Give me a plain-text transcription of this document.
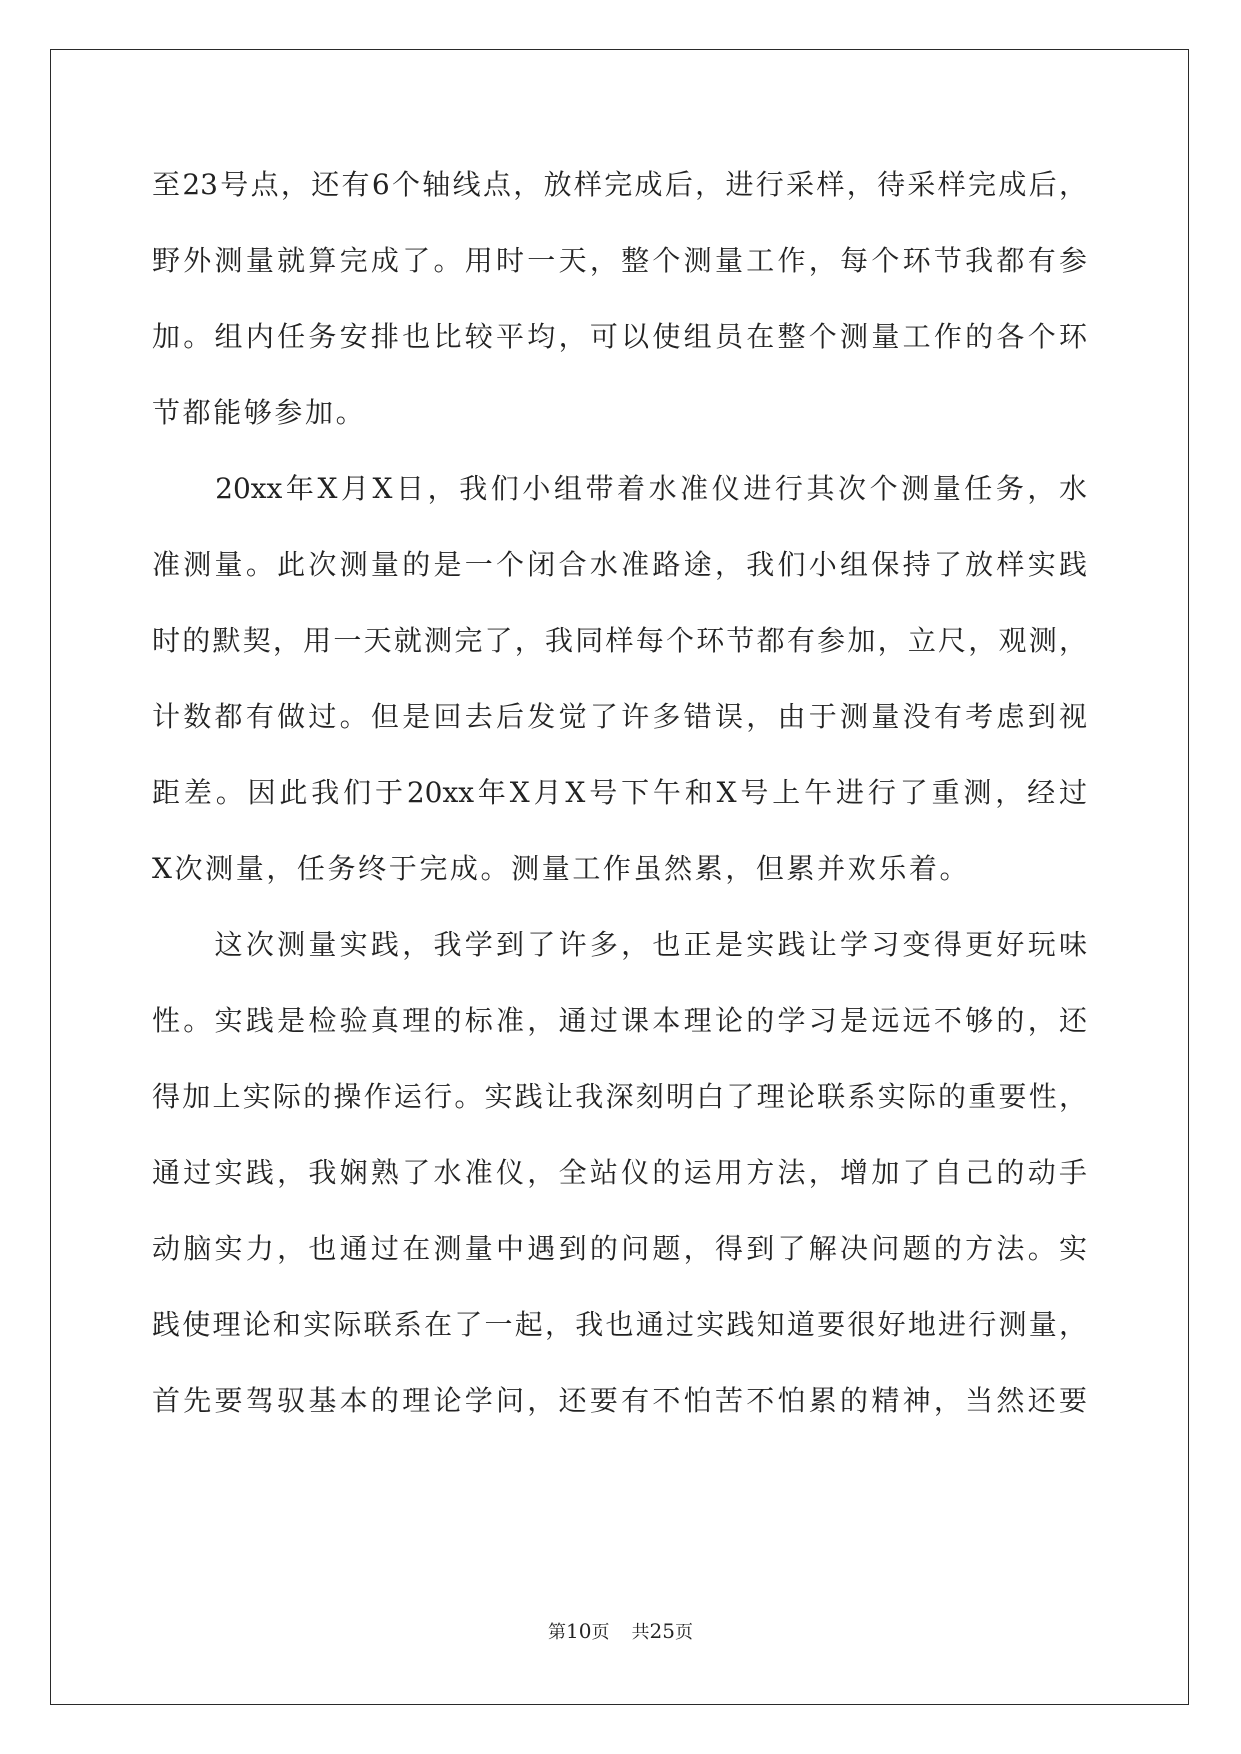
至23号点，还有6个轴线点，放样完成后，进行采样，待采样完成后，
野外测量就算完成了。用时一天，整个测量工作，每个环节我都有参
加。组内任务安排也比较平均，可以使组员在整个测量工作的各个环
节都能够参加。
　　20xx年X月X日，我们小组带着水准仪进行其次个测量任务，水
准测量。此次测量的是一个闭合水准路途，我们小组保持了放样实践
时的默契，用一天就测完了，我同样每个环节都有参加，立尺，观测，
计数都有做过。但是回去后发觉了许多错误，由于测量没有考虑到视
距差。因此我们于20xx年X月X号下午和X号上午进行了重测，经过
X次测量，任务终于完成。测量工作虽然累，但累并欢乐着。
　　这次测量实践，我学到了许多，也正是实践让学习变得更好玩味
性。实践是检验真理的标准，通过课本理论的学习是远远不够的，还
得加上实际的操作运行。实践让我深刻明白了理论联系实际的重要性，
通过实践，我娴熟了水准仪，全站仪的运用方法，增加了自己的动手
动脑实力，也通过在测量中遇到的问题，得到了解决问题的方法。实
践使理论和实际联系在了一起，我也通过实践知道要很好地进行测量，
首先要驾驭基本的理论学问，还要有不怕苦不怕累的精神，当然还要
第10页 共25页
